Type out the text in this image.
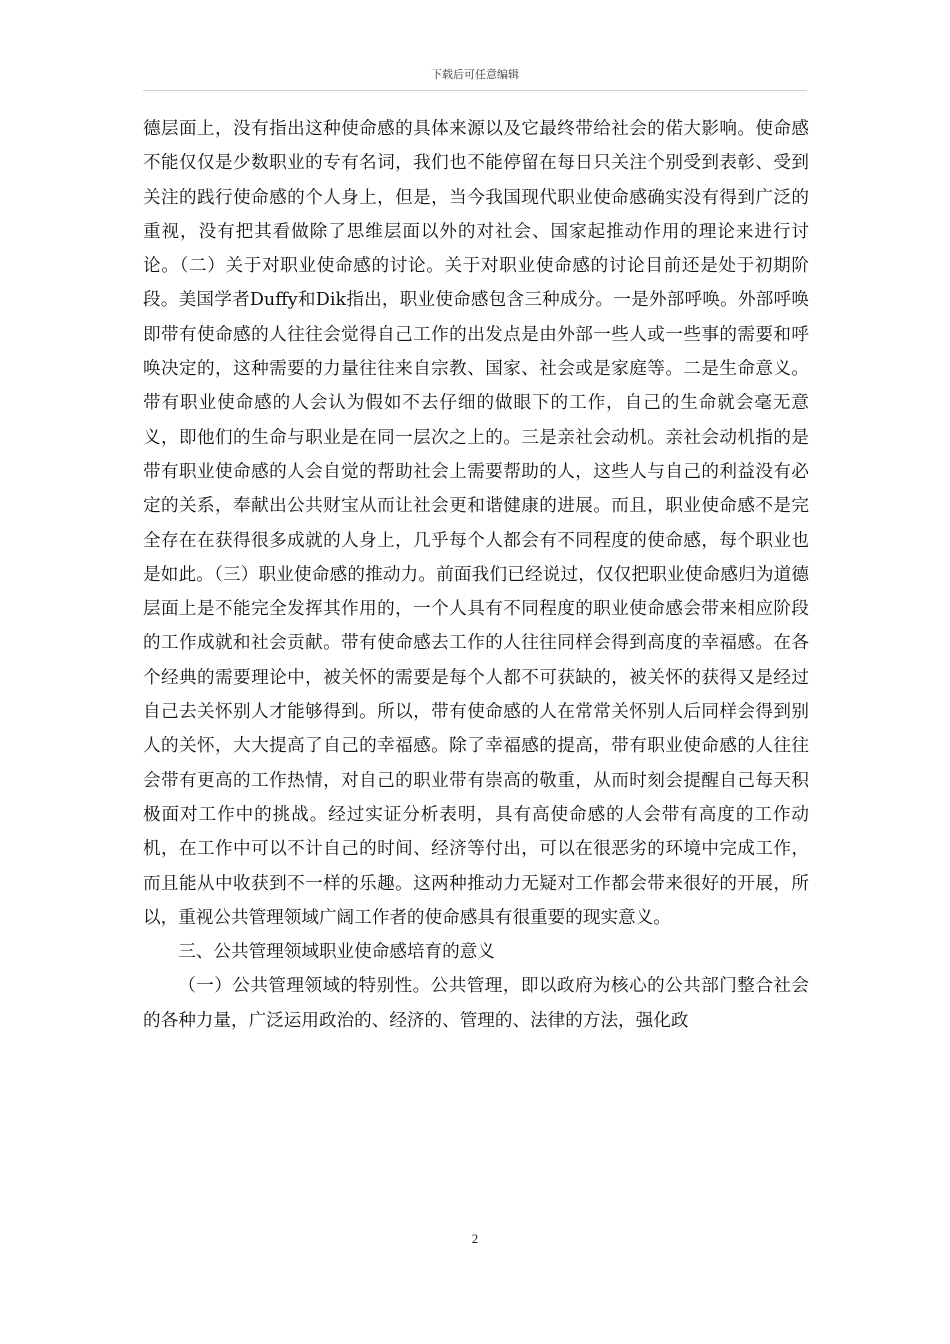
下载后可任意编辑

德层面上，没有指出这种使命感的具体来源以及它最终带给社会的偌大影响。使命感不能仅仅是少数职业的专有名词，我们也不能停留在每日只关注个别受到表彰、受到关注的践行使命感的个人身上，但是，当今我国现代职业使命感确实没有得到广泛的重视，没有把其看做除了思维层面以外的对社会、国家起推动作用的理论来进行讨论。（二）关于对职业使命感的讨论。关于对职业使命感的讨论目前还是处于初期阶段。美国学者Duffy和Dik指出，职业使命感包含三种成分。一是外部呼唤。外部呼唤即带有使命感的人往往会觉得自己工作的出发点是由外部一些人或一些事的需要和呼唤决定的，这种需要的力量往往来自宗教、国家、社会或是家庭等。二是生命意义。带有职业使命感的人会认为假如不去仔细的做眼下的工作，自己的生命就会毫无意义，即他们的生命与职业是在同一层次之上的。三是亲社会动机。亲社会动机指的是带有职业使命感的人会自觉的帮助社会上需要帮助的人，这些人与自己的利益没有必定的关系，奉献出公共财宝从而让社会更和谐健康的进展。而且，职业使命感不是完全存在在获得很多成就的人身上，几乎每个人都会有不同程度的使命感，每个职业也是如此。（三）职业使命感的推动力。前面我们已经说过，仅仅把职业使命感归为道德层面上是不能完全发挥其作用的，一个人具有不同程度的职业使命感会带来相应阶段的工作成就和社会贡献。带有使命感去工作的人往往同样会得到高度的幸福感。在各个经典的需要理论中，被关怀的需要是每个人都不可获缺的，被关怀的获得又是经过自己去关怀别人才能够得到。所以，带有使命感的人在常常关怀别人后同样会得到别人的关怀，大大提高了自己的幸福感。除了幸福感的提高，带有职业使命感的人往往会带有更高的工作热情，对自己的职业带有崇高的敬重，从而时刻会提醒自己每天积极面对工作中的挑战。经过实证分析表明，具有高使命感的人会带有高度的工作动机，在工作中可以不计自己的时间、经济等付出，可以在很恶劣的环境中完成工作，而且能从中收获到不一样的乐趣。这两种推动力无疑对工作都会带来很好的开展，所以，重视公共管理领域广阔工作者的使命感具有很重要的现实意义。

三、公共管理领域职业使命感培育的意义

（一）公共管理领域的特别性。公共管理，即以政府为核心的公共部门整合社会的各种力量，广泛运用政治的、经济的、管理的、法律的方法，强化政

2
